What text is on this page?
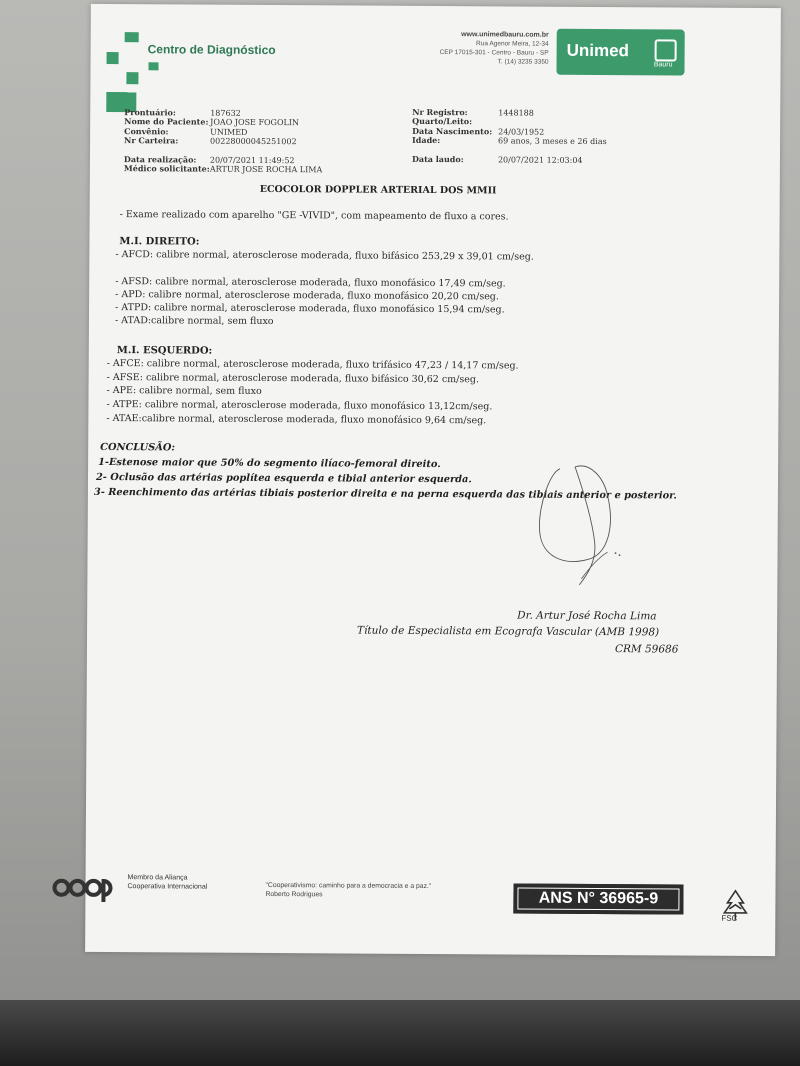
Centro de Diagnóstico
www.unimedbauru.com.br
Rua Agenor Meira, 12-34
CEP 17015-301 - Centro - Bauru - SP
T. (14) 3235 3350
Unimed
Bauru
Prontuário:	187632
Nome do Paciente: JOAO JOSE FOGOLIN
Convênio:	UNIMED
Nr Carteira:	00228000045251002
Data realização: 20/07/2021 11:49:52
Médico solicitante:ARTUR JOSE ROCHA LIMA
Nr Registro:	1448188
Quarto/Leito:
Data Nascimento: 24/03/1952
Idade:	69 anos, 3 meses e 26 dias
Data laudo:	20/07/2021 12:03:04
ECOCOLOR DOPPLER ARTERIAL DOS MMII
- Exame realizado com aparelho "GE -VIVID", com mapeamento de fluxo a cores.
M.I. DIREITO:
- AFCD: calibre normal, aterosclerose moderada, fluxo bifásico 253,29 x 39,01 cm/seg.
- AFSD: calibre normal, aterosclerose moderada, fluxo monofásico 17,49 cm/seg.
- APD: calibre normal, aterosclerose moderada, fluxo monofásico 20,20 cm/seg.
- ATPD: calibre normal, aterosclerose moderada, fluxo monofásico 15,94 cm/seg.
- ATAD:calibre normal, sem fluxo
M.I. ESQUERDO:
- AFCE: calibre normal, aterosclerose moderada, fluxo trifásico 47,23 / 14,17 cm/seg.
- AFSE: calibre normal, aterosclerose moderada, fluxo bifásico 30,62 cm/seg.
- APE: calibre normal, sem fluxo
- ATPE: calibre normal, aterosclerose moderada, fluxo monofásico 13,12cm/seg.
- ATAE:calibre normal, aterosclerose moderada, fluxo monofásico 9,64 cm/seg.
CONCLUSÃO:
1-Estenose maior que 50% do segmento ilíaco-femoral direito.
2- Oclusão das artérias poplítea esquerda e tibial anterior esquerda.
3- Reenchimento das artérias tibiais posterior direita e na perna esquerda das tibiais anterior e posterior.
Dr. Artur José Rocha Lima
Título de Especialista em Ecografa Vascular (AMB 1998)
CRM 59686
Membro da Aliança
Cooperativa Internacional	"Cooperativismo: caminho para a democracia e a paz."
Roberto Rodrigues	ANS N° 36965-9
FSC
